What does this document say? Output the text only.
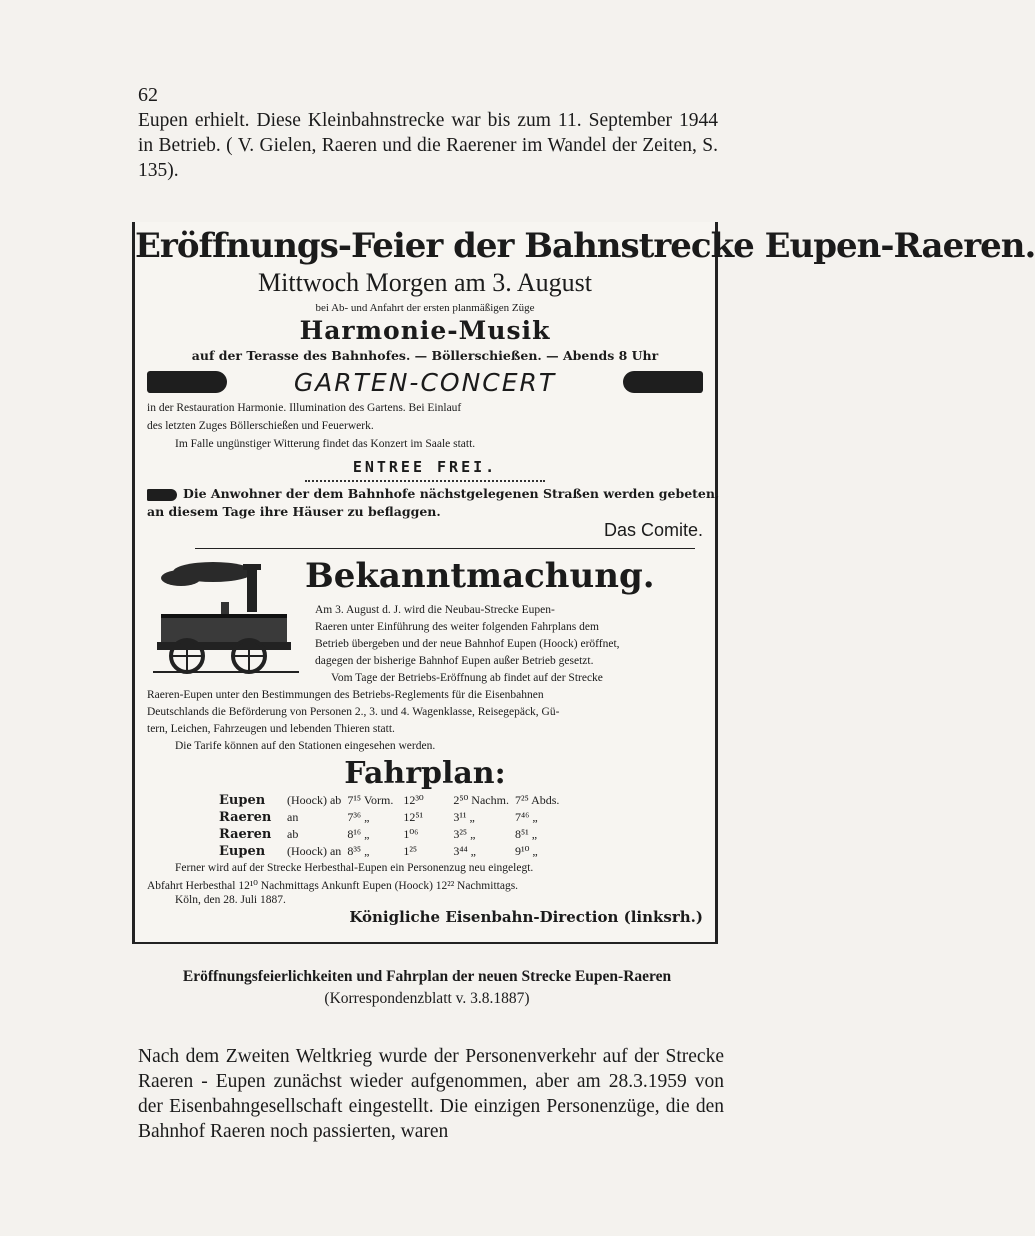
62
Eupen erhielt. Diese Kleinbahnstrecke war bis zum 11. September 1944 in Betrieb. ( V. Gielen, Raeren und die Raerener im Wandel der Zeiten, S. 135).
Eröffnungs-Feier der Bahnstrecke Eupen-Raeren.
Mittwoch Morgen am 3. August
bei Ab- und Anfahrt der ersten planmäßigen Züge
Harmonie-Musik
auf der Terasse des Bahnhofes. — Böllerschießen. — Abends 8 Uhr
GARTEN-CONCERT
in der Restauration Harmonie. Illumination des Gartens. Bei Einlauf
des letzten Zuges Böllerschießen und Feuerwerk.
Im Falle ungünstiger Witterung findet das Konzert im Saale statt.
ENTREE FREI.
Die Anwohner der dem Bahnhofe nächstgelegenen Straßen werden gebeten,
an diesem Tage ihre Häuser zu beflaggen.
Das Comite.
Bekanntmachung.
Am 3. August d. J. wird die Neubau-Strecke Eupen-
Raeren unter Einführung des weiter folgenden Fahrplans dem
Betrieb übergeben und der neue Bahnhof Eupen (Hoock) eröffnet,
dagegen der bisherige Bahnhof Eupen außer Betrieb gesetzt.
Vom Tage der Betriebs-Eröffnung ab findet auf der Strecke
Raeren-Eupen unter den Bestimmungen des Betriebs-Reglements für die Eisenbahnen
Deutschlands die Beförderung von Personen 2., 3. und 4. Wagenklasse, Reisegepäck, Gü-
tern, Leichen, Fahrzeugen und lebenden Thieren statt.
Die Tarife können auf den Stationen eingesehen werden.
Fahrplan:
Eupen	(Hoock) ab	7¹⁵ Vorm.	12³⁰	2⁵⁰ Nachm.	7²⁵ Abds.
Raeren	an	7³⁶ „	12⁵¹	3¹¹ „	7⁴⁶ „
Raeren	ab	8¹⁶ „	1⁰⁶	3²⁵ „	8⁵¹ „
Eupen	(Hoock) an	8³⁵ „	1²⁵	3⁴⁴ „	9¹⁰ „
Ferner wird auf der Strecke Herbesthal-Eupen ein Personenzug neu eingelegt.
Abfahrt Herbesthal 12¹⁰ Nachmittags Ankunft Eupen (Hoock) 12²² Nachmittags.
Köln, den 28. Juli 1887.
Königliche Eisenbahn-Direction (linksrh.)
Eröffnungsfeierlichkeiten und Fahrplan der neuen Strecke Eupen-Raeren
(Korrespondenzblatt v. 3.8.1887)
Nach dem Zweiten Weltkrieg wurde der Personenverkehr auf der Strecke Raeren - Eupen zunächst wieder aufgenommen, aber am 28.3.1959 von der Eisenbahngesellschaft eingestellt. Die einzigen Personenzüge, die den Bahnhof Raeren noch passierten, waren
